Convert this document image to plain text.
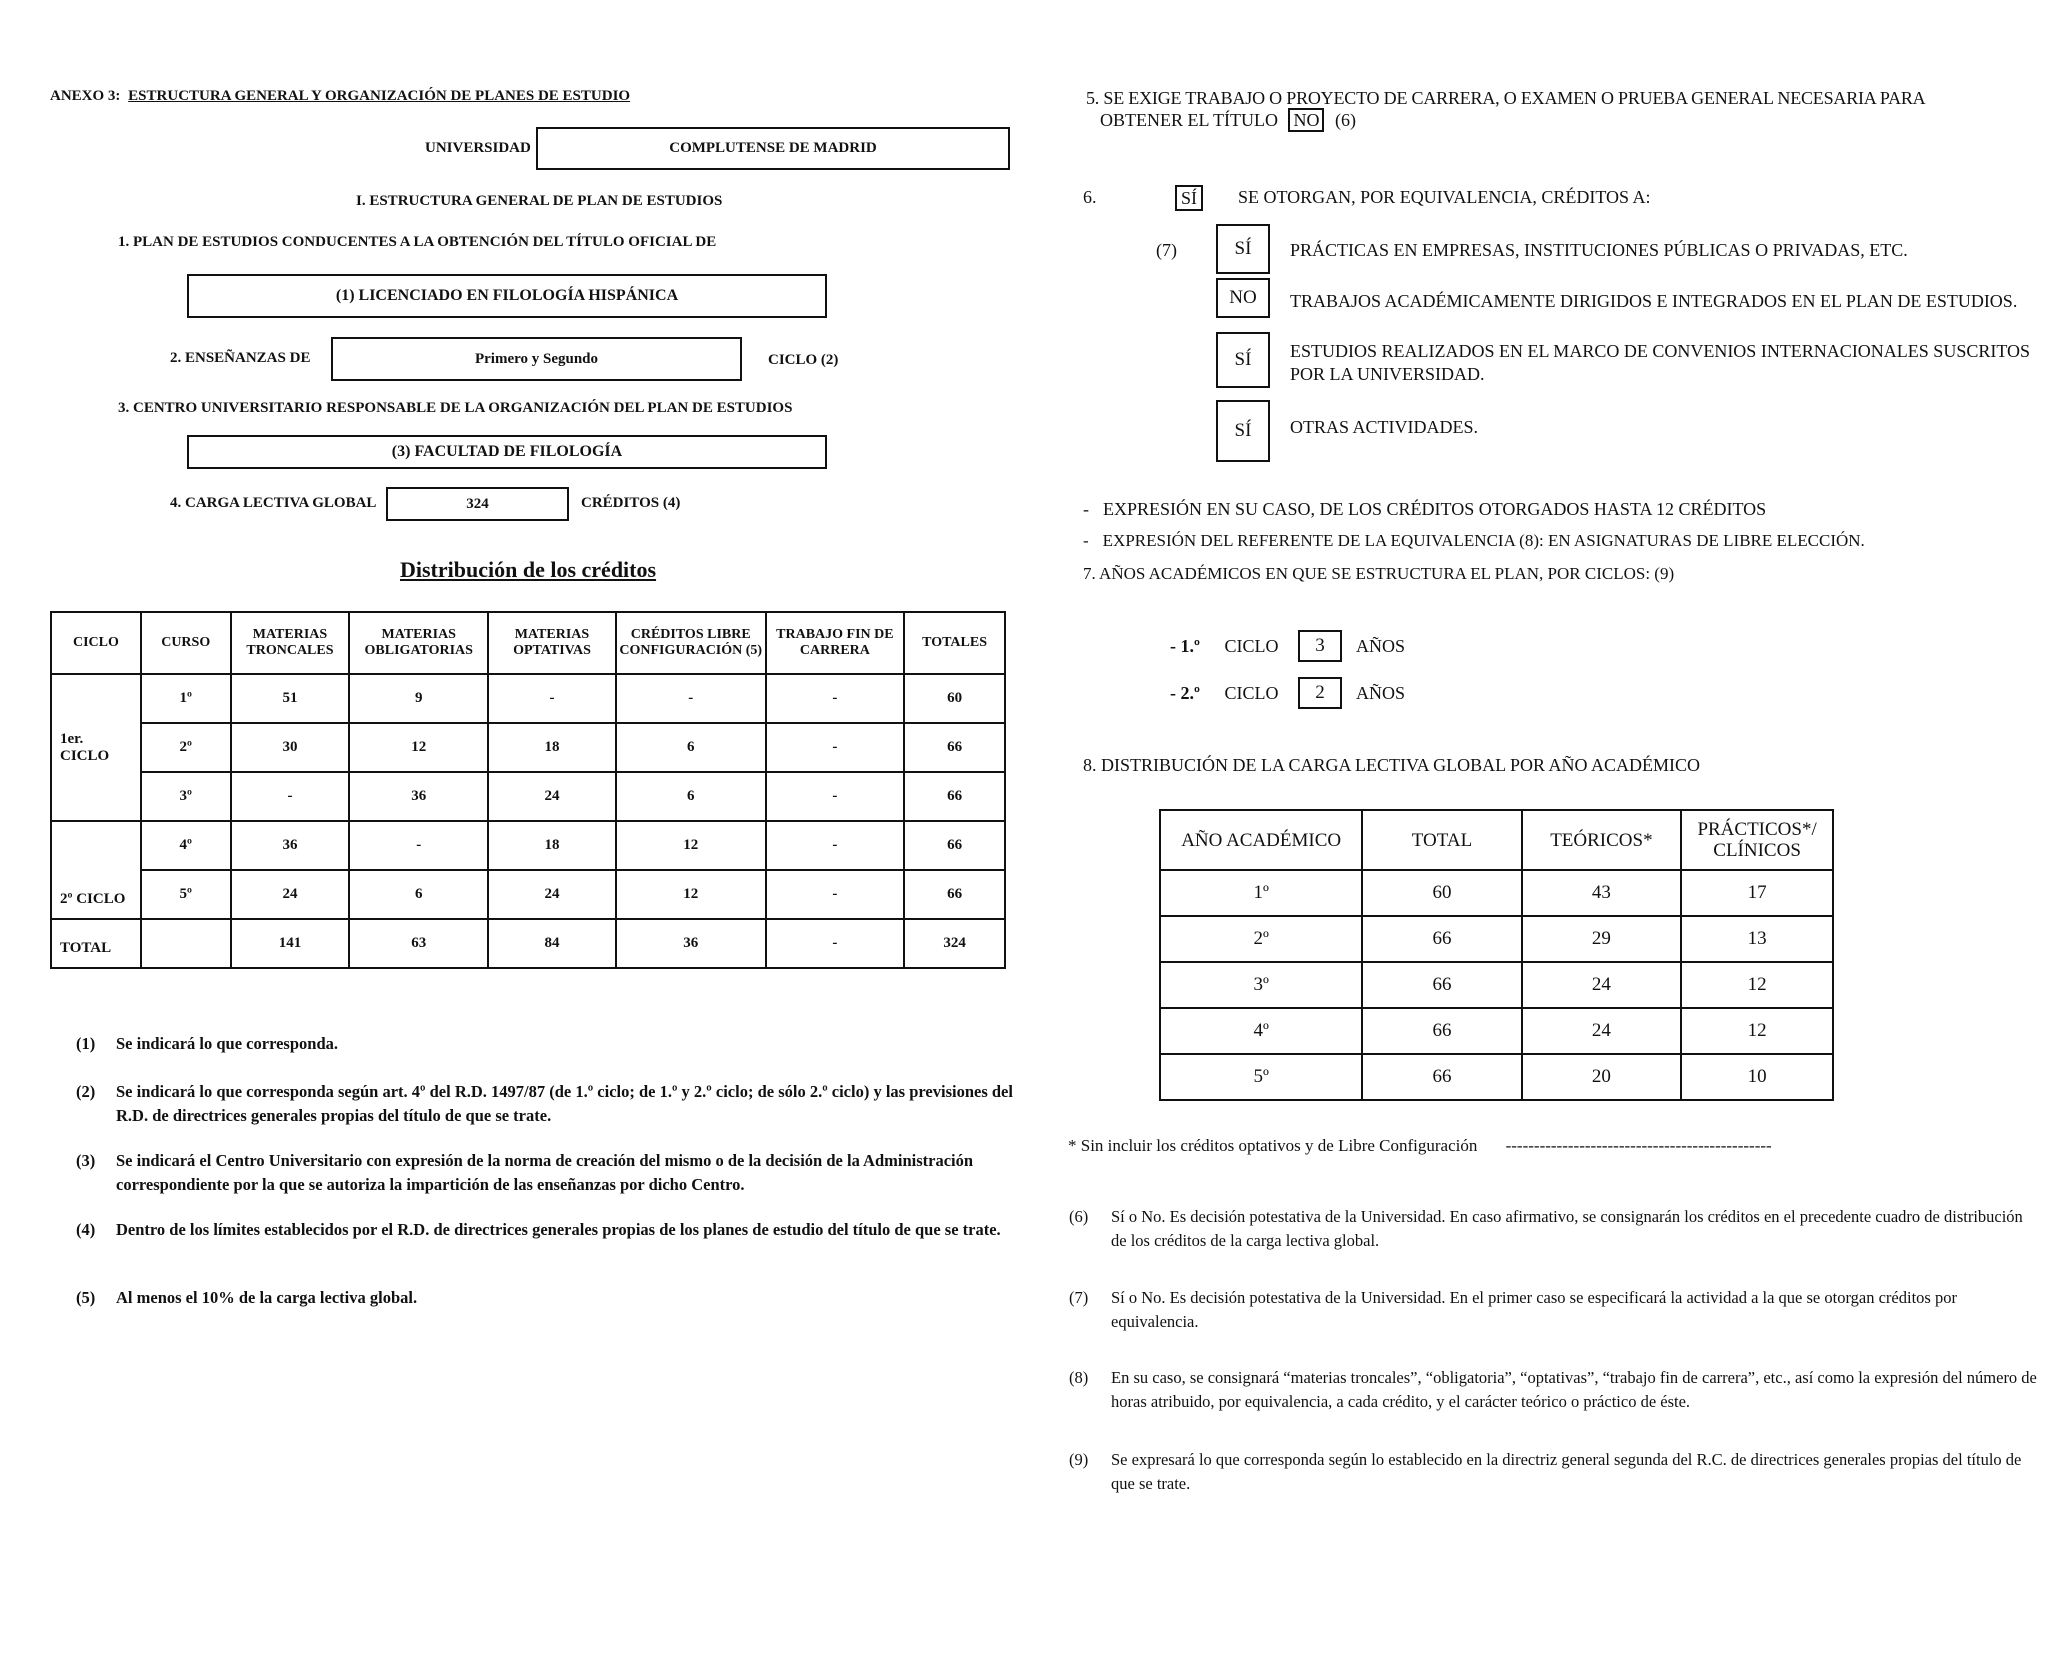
ANEXO 3: ESTRUCTURA GENERAL Y ORGANIZACIÓN DE PLANES DE ESTUDIO
UNIVERSIDAD	COMPLUTENSE DE MADRID
I. ESTRUCTURA GENERAL DE PLAN DE ESTUDIOS
1. PLAN DE ESTUDIOS CONDUCENTES A LA OBTENCIÓN DEL TÍTULO OFICIAL DE
(1) LICENCIADO EN FILOLOGÍA HISPÁNICA
2. ENSEÑANZAS DE	Primero y Segundo	CICLO (2)
3. CENTRO UNIVERSITARIO RESPONSABLE DE LA ORGANIZACIÓN DEL PLAN DE ESTUDIOS
(3) FACULTAD DE FILOLOGÍA
4. CARGA LECTIVA GLOBAL	324	CRÉDITOS (4)
Distribución de los créditos
CICLO	CURSO	MATERIAS TRONCALES	MATERIAS OBLIGATORIAS	MATERIAS OPTATIVAS	CRÉDITOS LIBRE CONFIGURACIÓN (5)	TRABAJO FIN DE CARRERA	TOTALES
1er. CICLO	1º	51	9	-	-	-	60
	2º	30	12	18	6	-	66
	3º	-	36	24	6	-	66
2º CICLO	4º	36	-	18	12	-	66
	5º	24	6	24	12	-	66
TOTAL		141	63	84	36	-	324
(1)	Se indicará lo que corresponda.
(2)	Se indicará lo que corresponda según art. 4º del R.D. 1497/87 (de 1.º ciclo; de 1.º y 2.º ciclo; de sólo 2.º ciclo) y las previsiones del R.D. de directrices generales propias del título de que se trate.
(3)	Se indicará el Centro Universitario con expresión de la norma de creación del mismo o de la decisión de la Administración correspondiente por la que se autoriza la impartición de las enseñanzas por dicho Centro.
(4)	Dentro de los límites establecidos por el R.D. de directrices generales propias de los planes de estudio del título de que se trate.
(5)	Al menos el 10% de la carga lectiva global.
5. SE EXIGE TRABAJO O PROYECTO DE CARRERA, O EXAMEN O PRUEBA GENERAL NECESARIA PARA
OBTENER EL TÍTULO NO (6)
6.	SÍ	SE OTORGAN, POR EQUIVALENCIA, CRÉDITOS A:
(7)	SÍ PRÁCTICAS EN EMPRESAS, INSTITUCIONES PÚBLICAS O PRIVADAS, ETC.
NO TRABAJOS ACADÉMICAMENTE DIRIGIDOS E INTEGRADOS EN EL PLAN DE ESTUDIOS.
SÍ ESTUDIOS REALIZADOS EN EL MARCO DE CONVENIOS INTERNACIONALES SUSCRITOS POR LA UNIVERSIDAD.
SÍ OTRAS ACTIVIDADES.
- EXPRESIÓN EN SU CASO, DE LOS CRÉDITOS OTORGADOS HASTA 12 CRÉDITOS
- EXPRESIÓN DEL REFERENTE DE LA EQUIVALENCIA (8): EN ASIGNATURAS DE LIBRE ELECCIÓN.
7. AÑOS ACADÉMICOS EN QUE SE ESTRUCTURA EL PLAN, POR CICLOS: (9)
- 1.º CICLO 3 AÑOS
- 2.º CICLO 2 AÑOS
8. DISTRIBUCIÓN DE LA CARGA LECTIVA GLOBAL POR AÑO ACADÉMICO
AÑO ACADÉMICO	TOTAL	TEÓRICOS*	PRÁCTICOS*/ CLÍNICOS
1º	60	43	17
2º	66	29	13
3º	66	24	12
4º	66	24	12
5º	66	20	10
* Sin incluir los créditos optativos y de Libre Configuración -----------------------------------------------
(6)	Sí o No. Es decisión potestativa de la Universidad. En caso afirmativo, se consignarán los créditos en el precedente cuadro de distribución de los créditos de la carga lectiva global.
(7)	Sí o No. Es decisión potestativa de la Universidad. En el primer caso se especificará la actividad a la que se otorgan créditos por equivalencia.
(8)	En su caso, se consignará “materias troncales”, “obligatoria”, “optativas”, “trabajo fin de carrera”, etc., así como la expresión del número de horas atribuido, por equivalencia, a cada crédito, y el carácter teórico o práctico de éste.
(9)	Se expresará lo que corresponda según lo establecido en la directriz general segunda del R.C. de directrices generales propias del título de que se trate.
